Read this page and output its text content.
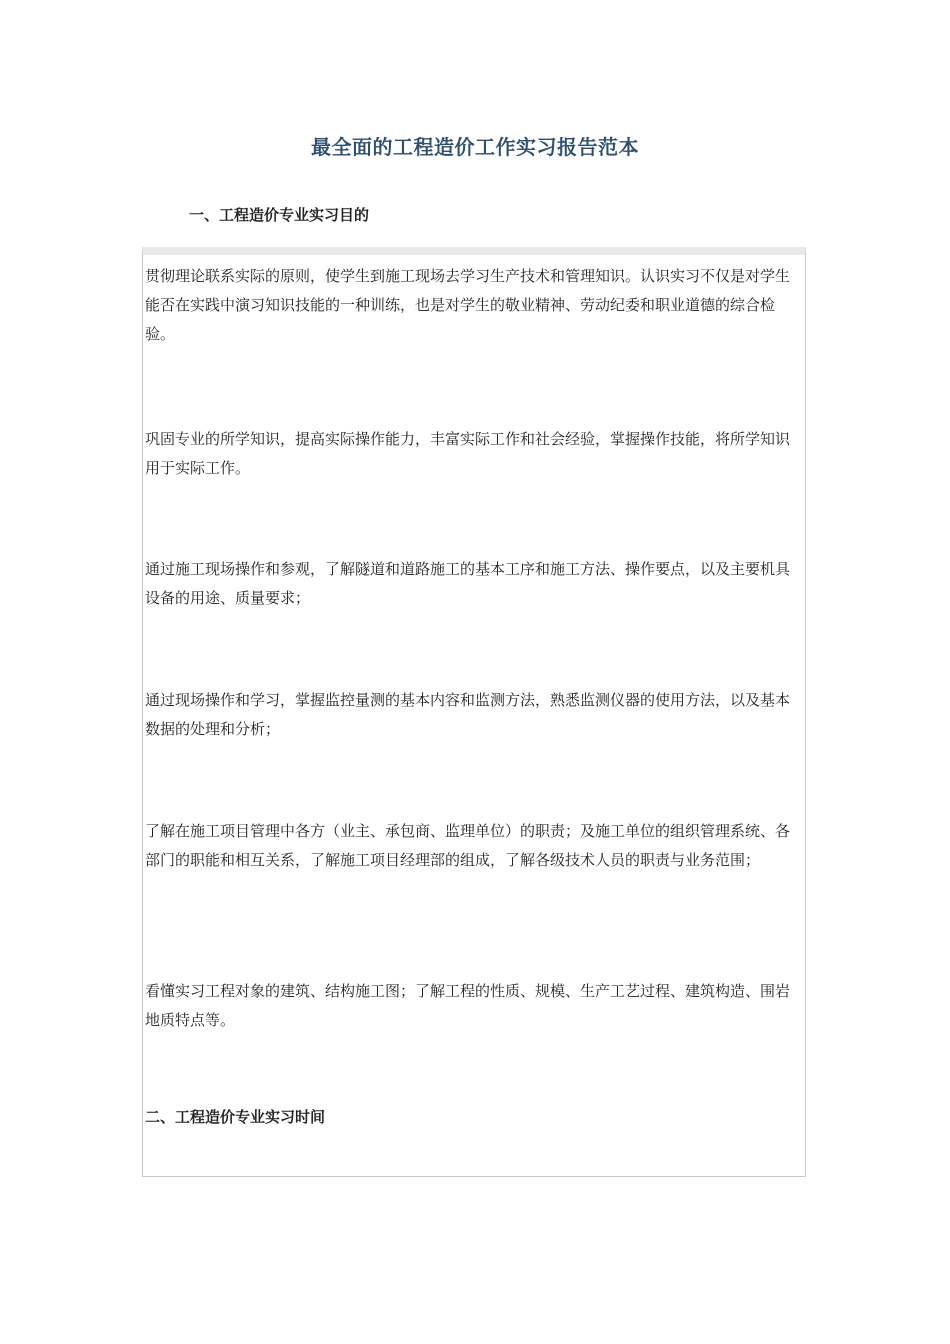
最全面的工程造价工作实习报告范本
一、工程造价专业实习目的

贯彻理论联系实际的原则，使学生到施工现场去学习生产技术和管理知识。认识实习不仅是对学生能否在实践中演习知识技能的一种训练，也是对学生的敬业精神、劳动纪委和职业道德的综合检验。

巩固专业的所学知识，提高实际操作能力，丰富实际工作和社会经验，掌握操作技能，将所学知识用于实际工作。

通过施工现场操作和参观，了解隧道和道路施工的基本工序和施工方法、操作要点，以及主要机具设备的用途、质量要求；

通过现场操作和学习，掌握监控量测的基本内容和监测方法，熟悉监测仪器的使用方法，以及基本数据的处理和分析；

了解在施工项目管理中各方（业主、承包商、监理单位）的职责；及施工单位的组织管理系统、各部门的职能和相互关系，了解施工项目经理部的组成，了解各级技术人员的职责与业务范围；

看懂实习工程对象的建筑、结构施工图；了解工程的性质、规模、生产工艺过程、建筑构造、围岩地质特点等。

二、工程造价专业实习时间
